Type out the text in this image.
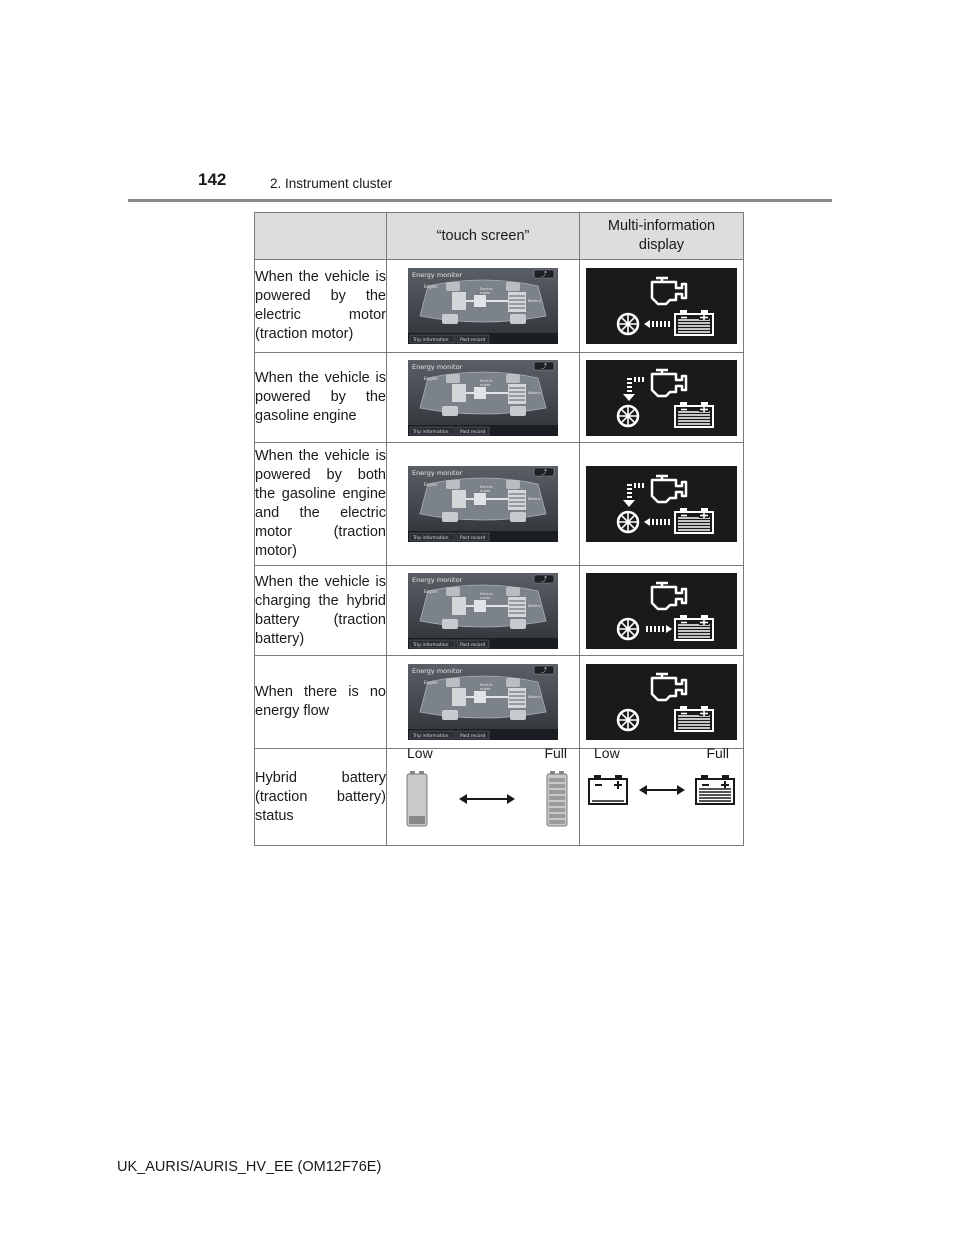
142	2. Instrument cluster
	“touch screen”	Multi-information display

When the vehicle is powered by the electric motor (traction motor)	

When the vehicle is powered by the gasoline engine	

When the vehicle is powered by both the gasoline engine and the electric motor (traction motor)	

When the vehicle is charging the hybrid battery (traction battery)	

When there is no energy flow	

Hybrid battery (traction battery) status	Low Full	Low Full
UK_AURIS/AURIS_HV_EE (OM12F76E)
